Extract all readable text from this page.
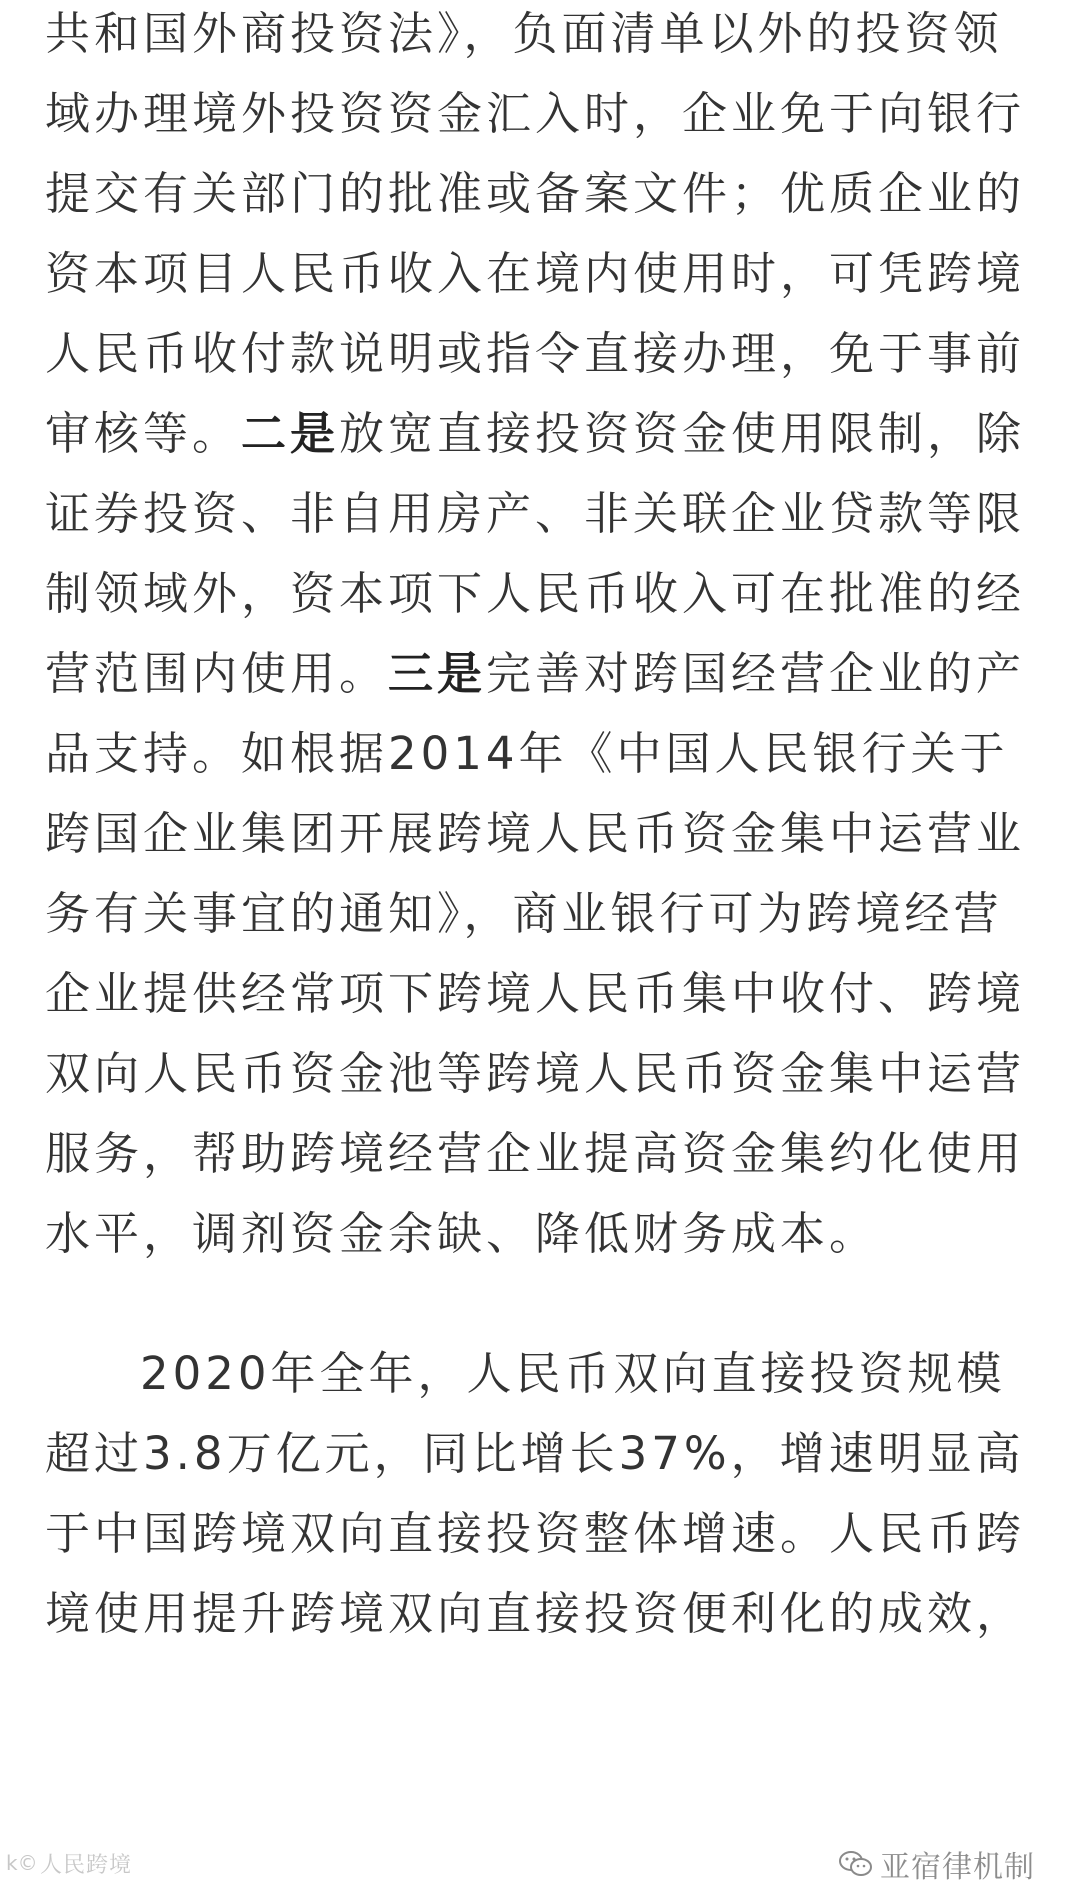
共和国外商投资法》，负面清单以外的投资领
域办理境外投资资金汇入时，企业免于向银行
提交有关部门的批准或备案文件；优质企业的
资本项目人民币收入在境内使用时，可凭跨境
人民币收付款说明或指令直接办理，免于事前
审核等。二是放宽直接投资资金使用限制，除
证券投资、非自用房产、非关联企业贷款等限
制领域外，资本项下人民币收入可在批准的经
营范围内使用。三是完善对跨国经营企业的产
品支持。如根据2014年《中国人民银行关于
跨国企业集团开展跨境人民币资金集中运营业
务有关事宜的通知》，商业银行可为跨境经营
企业提供经常项下跨境人民币集中收付、跨境
双向人民币资金池等跨境人民币资金集中运营
服务，帮助跨境经营企业提高资金集约化使用
水平，调剂资金余缺、降低财务成本。
2020年全年，人民币双向直接投资规模
超过3.8万亿元，同比增长37%，增速明显高
于中国跨境双向直接投资整体增速。人民币跨
境使用提升跨境双向直接投资便利化的成效，
k© 人民跨境	亚宿律机制
